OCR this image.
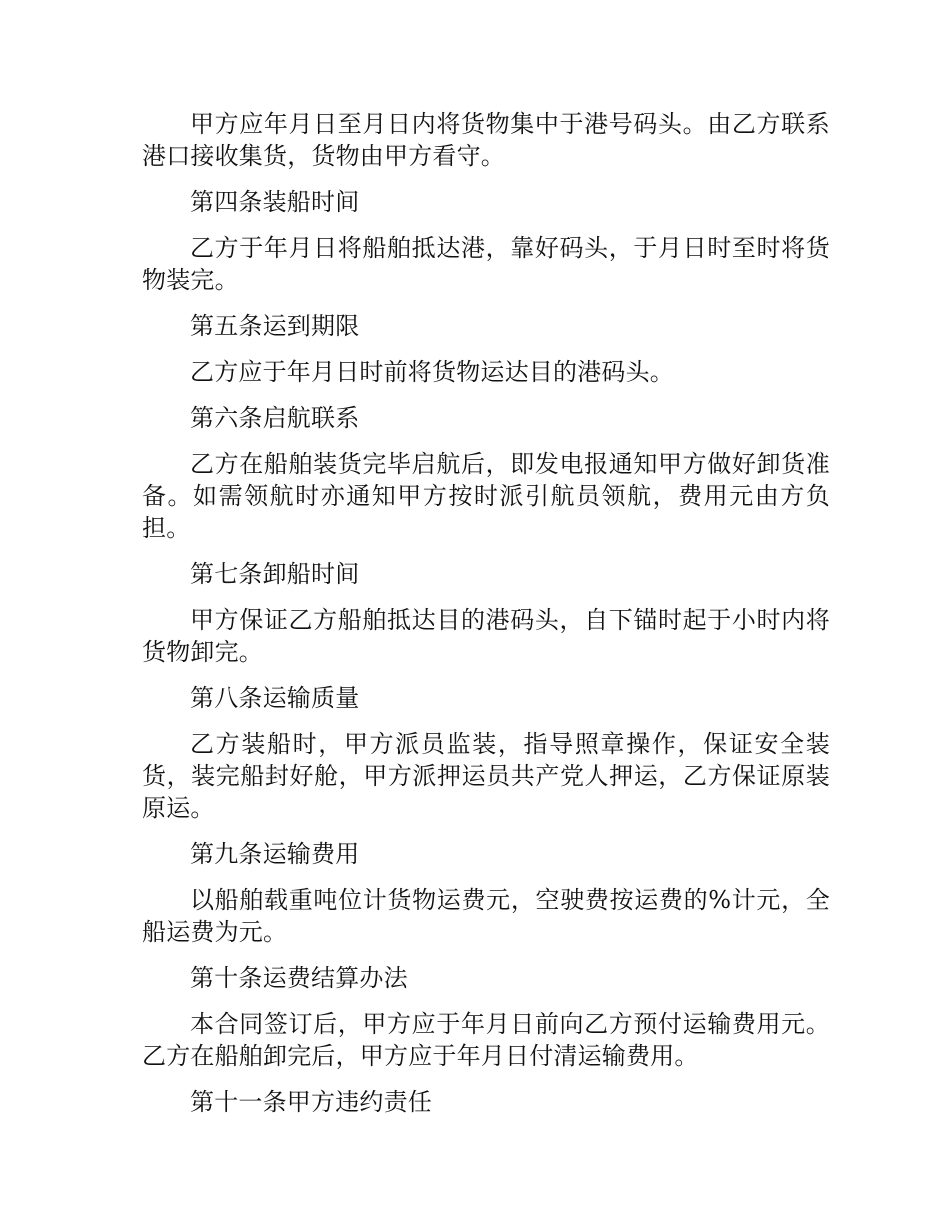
甲方应年月日至月日内将货物集中于港号码头。由乙方联系港口接收集货，货物由甲方看守。

第四条装船时间

乙方于年月日将船舶抵达港，靠好码头，于月日时至时将货物装完。

第五条运到期限

乙方应于年月日时前将货物运达目的港码头。

第六条启航联系

乙方在船舶装货完毕启航后，即发电报通知甲方做好卸货准备。如需领航时亦通知甲方按时派引航员领航，费用元由方负担。

第七条卸船时间

甲方保证乙方船舶抵达目的港码头，自下锚时起于小时内将货物卸完。

第八条运输质量

乙方装船时，甲方派员监装，指导照章操作，保证安全装货，装完船封好舱，甲方派押运员共产党人押运，乙方保证原装原运。

第九条运输费用

以船舶载重吨位计货物运费元，空驶费按运费的%计元，全船运费为元。

第十条运费结算办法

本合同签订后，甲方应于年月日前向乙方预付运输费用元。乙方在船舶卸完后，甲方应于年月日付清运输费用。

第十一条甲方违约责任
